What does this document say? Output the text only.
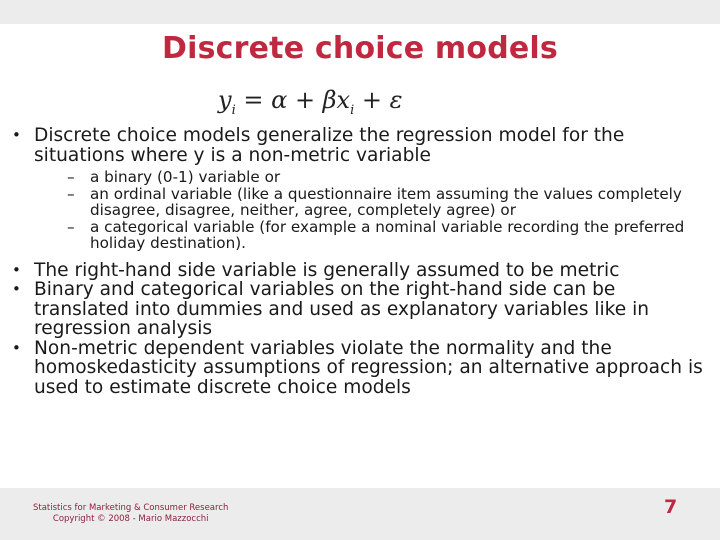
Discrete choice models
$y_i = \alpha + \beta x_i + \varepsilon$
• Discrete choice models generalize the regression model for the situations where y is a non-metric variable
– a binary (0-1) variable or
– an ordinal variable (like a questionnaire item assuming the values completely disagree, disagree, neither, agree, completely agree) or
– a categorical variable (for example a nominal variable recording the preferred holiday destination).
• The right-hand side variable is generally assumed to be metric
• Binary and categorical variables on the right-hand side can be translated into dummies and used as explanatory variables like in regression analysis
• Non-metric dependent variables violate the normality and the homoskedasticity assumptions of regression; an alternative approach is used to estimate discrete choice models
Statistics for Marketing & Consumer Research
Copyright © 2008 - Mario Mazzocchi
7
